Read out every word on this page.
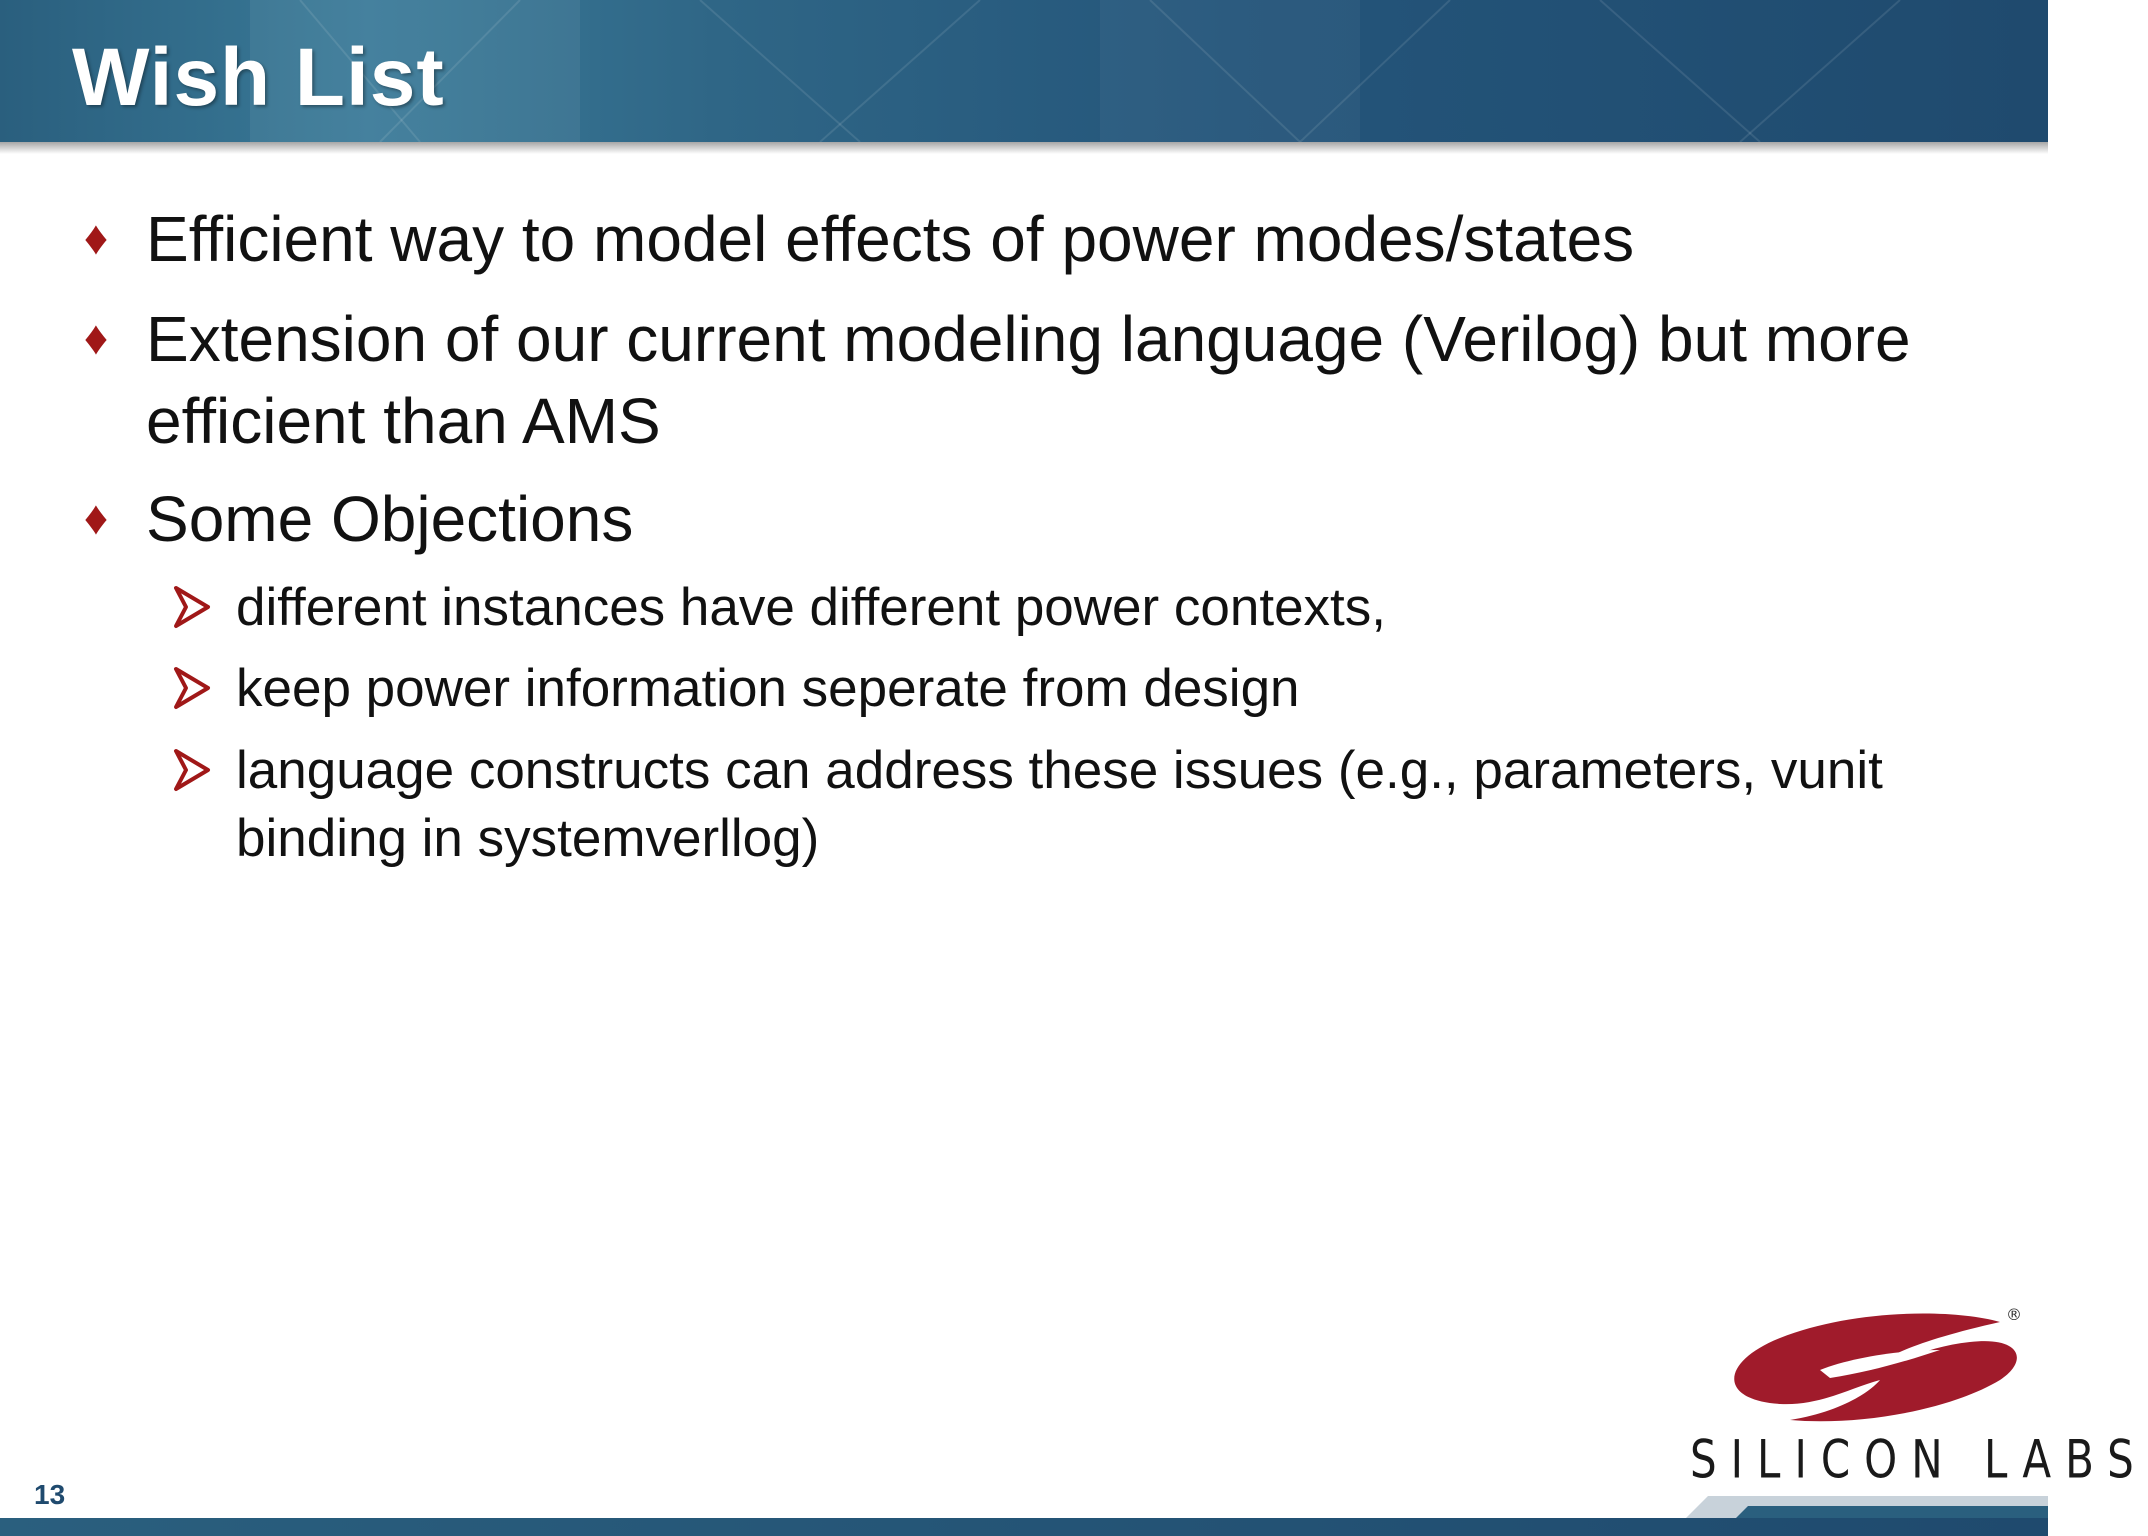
Wish List
♦ Efficient way to model effects of power modes/states
♦ Extension of our current modeling language (Verilog) but more efficient than AMS
♦ Some Objections
different instances have different power contexts,
keep power information seperate from design
language constructs can address these issues (e.g., parameters, vunit binding in systemverllog)
®
SILICON LABS
13
